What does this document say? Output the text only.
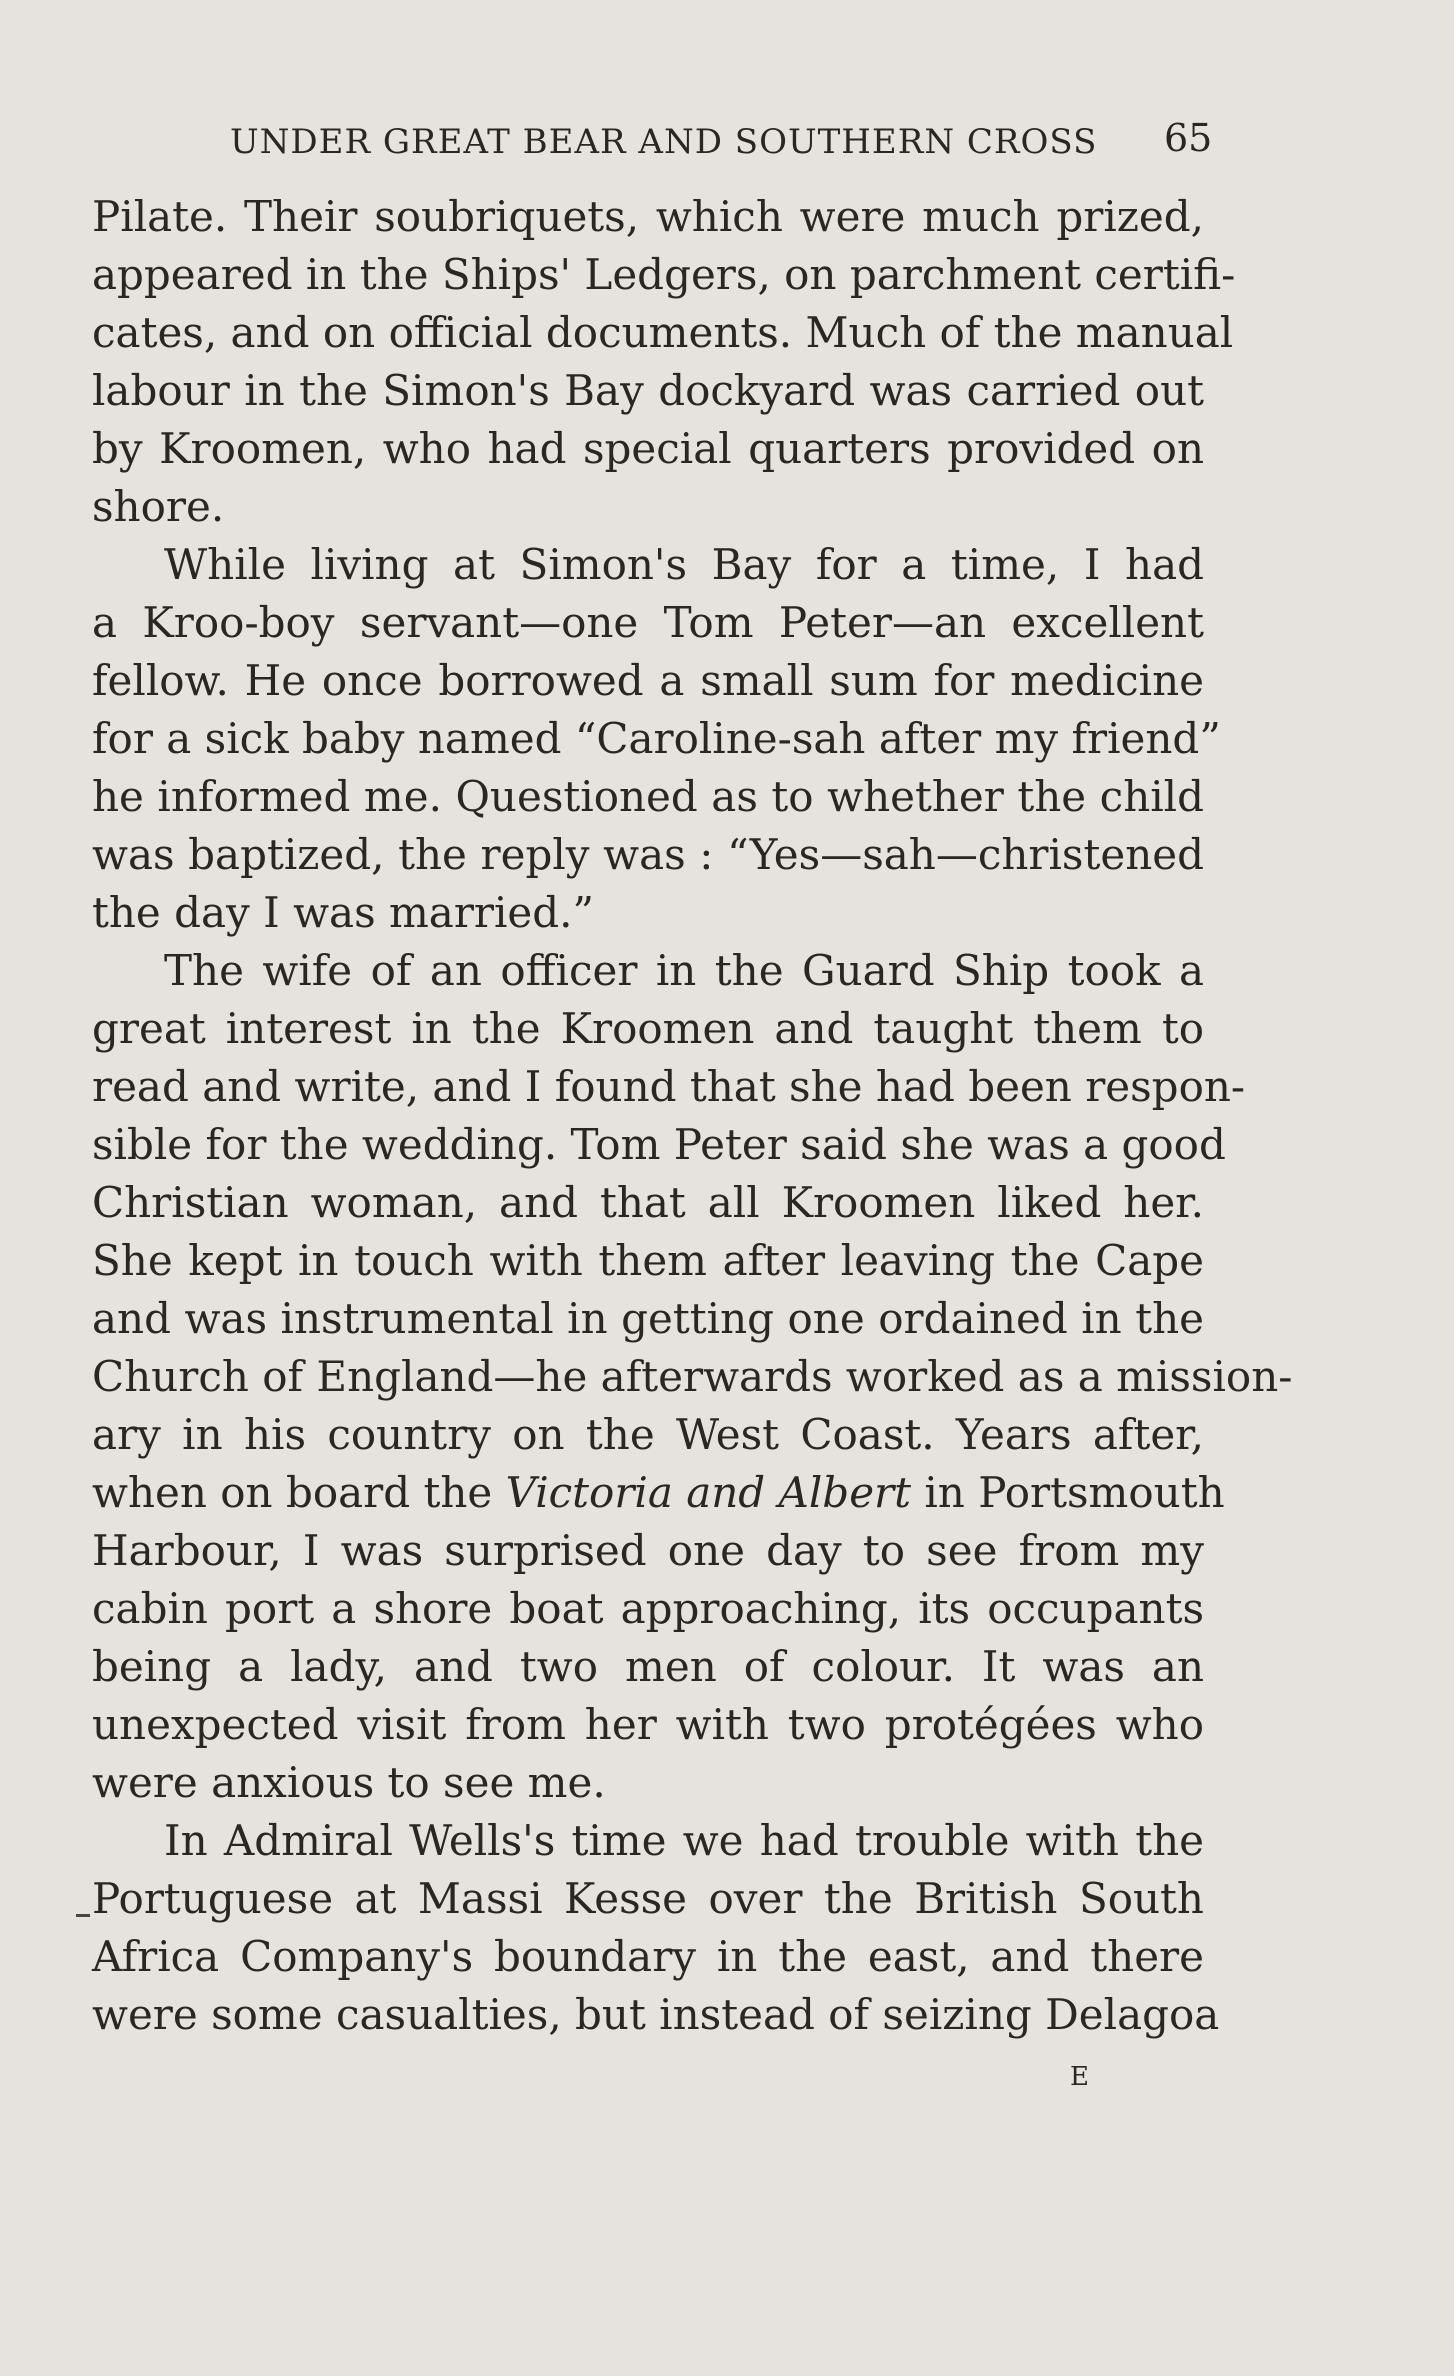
UNDER GREAT BEAR AND SOUTHERN CROSS 65
Pilate. Their soubriquets, which were much prized,
appeared in the Ships' Ledgers, on parchment certifi-
cates, and on official documents. Much of the manual
labour in the Simon's Bay dockyard was carried out
by Kroomen, who had special quarters provided on
shore.
While living at Simon's Bay for a time, I had
a Kroo-boy servant—one Tom Peter—an excellent
fellow. He once borrowed a small sum for medicine
for a sick baby named “Caroline-sah after my friend”
he informed me. Questioned as to whether the child
was baptized, the reply was : “Yes—sah—christened
the day I was married.”
The wife of an officer in the Guard Ship took a
great interest in the Kroomen and taught them to
read and write, and I found that she had been respon-
sible for the wedding. Tom Peter said she was a good
Christian woman, and that all Kroomen liked her.
She kept in touch with them after leaving the Cape
and was instrumental in getting one ordained in the
Church of England—he afterwards worked as a mission-
ary in his country on the West Coast. Years after,
when on board the Victoria and Albert in Portsmouth
Harbour, I was surprised one day to see from my
cabin port a shore boat approaching, its occupants
being a lady, and two men of colour. It was an
unexpected visit from her with two protégées who
were anxious to see me.
In Admiral Wells's time we had trouble with the
Portuguese at Massi Kesse over the British South
Africa Company's boundary in the east, and there
were some casualties, but instead of seizing Delagoa
E
